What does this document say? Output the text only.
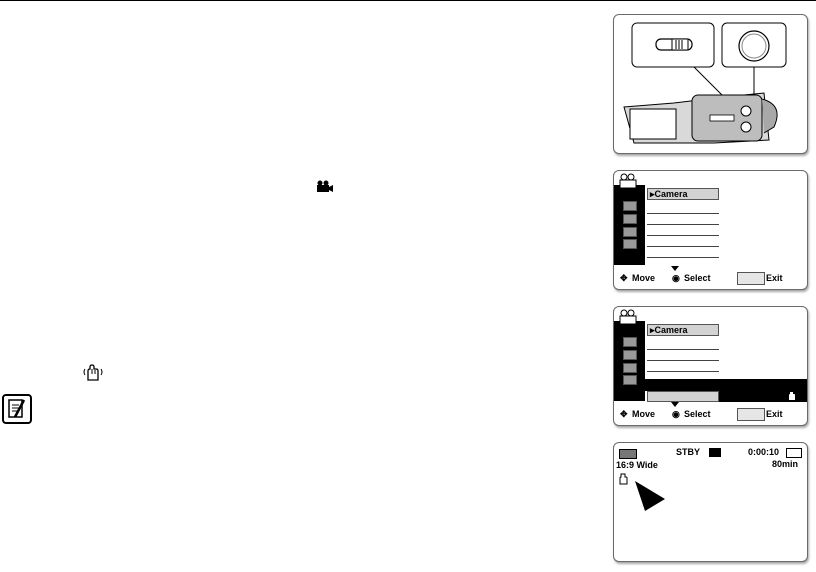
▸Camera
✥ Move ◉ Select	Exit
▸Camera
✥ Move ◉ Select	Exit
STBY	0:00:10
80min
16:9 Wide
